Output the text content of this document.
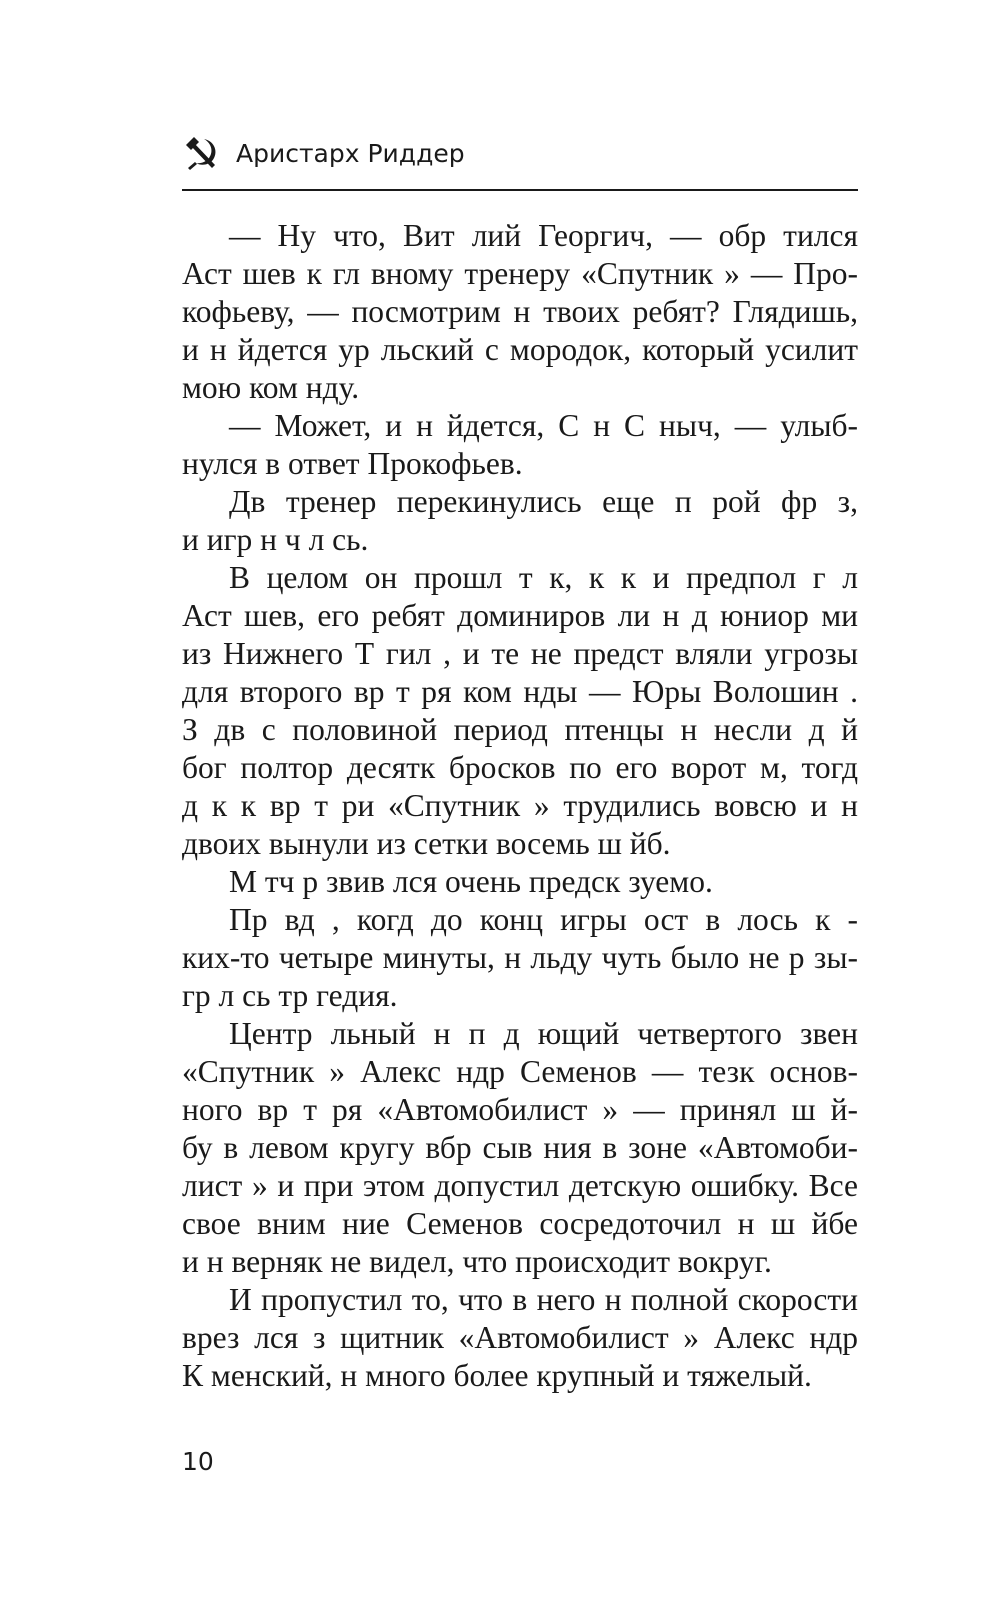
Аристарх Риддер
— Ну что, Вит лий Георгич, — обр тился
Аст шев к гл вному тренеру «Спутник » — Про-
кофьеву, — посмотрим н твоих ребят? Глядишь,
и н йдется ур льский с мородок, который усилит
мою ком нду.
— Может, и н йдется, С н С ныч, — улыб-
нулся в ответ Прокофьев.
Дв тренер перекинулись еще п рой фр з,
и игр н ч л сь.
В целом он прошл т к, к к и предпол г л
Аст шев, его ребят доминиров ли н д юниор ми
из Нижнего Т гил , и те не предст вляли угрозы
для второго вр т ря ком нды — Юры Волошин .
З дв с половиной период птенцы н несли д й
бог полтор десятк бросков по его ворот м, тогд
д к к вр т ри «Спутник » трудились вовсю и н
двоих вынули из сетки восемь ш йб.
М тч р звив лся очень предск зуемо.
Пр вд , когд до конц игры ост в лось к -
ких-то четыре минуты, н льду чуть было не р зы-
гр л сь тр гедия.
Центр льный н п д ющий четвертого звен
«Спутник » Алекс ндр Семенов — тезк основ-
ного вр т ря «Автомобилист » — принял ш й-
бу в левом кругу вбр сыв ния в зоне «Автомоби-
лист » и при этом допустил детскую ошибку. Все
свое вним ние Семенов сосредоточил н ш йбе
и н верняк не видел, что происходит вокруг.
И пропустил то, что в него н полной скорости
врез лся з щитник «Автомобилист » Алекс ндр
К менский, н много более крупный и тяжелый.
10
